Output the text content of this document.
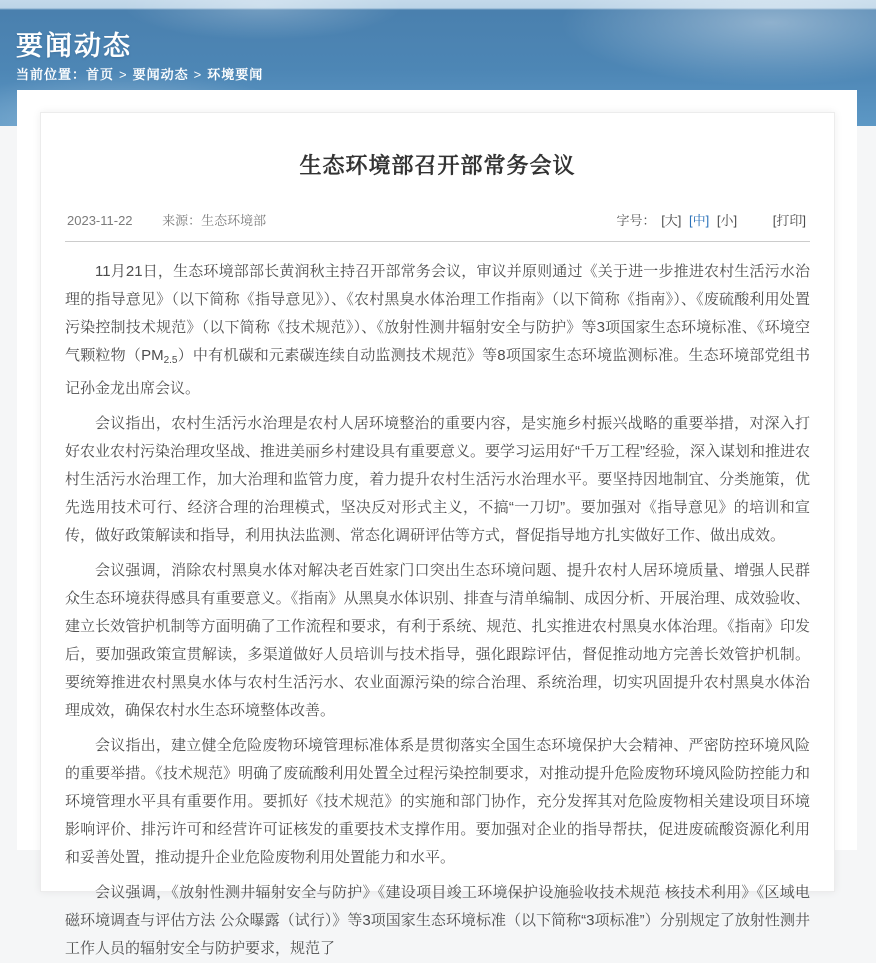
要闻动态
当前位置：首页 > 要闻动态 > 环境要闻
生态环境部召开部常务会议
2023-11-22 来源：生态环境部	字号： [大] [中] [小]	[打印]

11月21日，生态环境部部长黄润秋主持召开部常务会议，审议并原则通过《关于进一步推进农村生活污水治理的指导意见》（以下简称《指导意见》）、《农村黑臭水体治理工作指南》（以下简称《指南》）、《废硫酸利用处置污染控制技术规范》（以下简称《技术规范》）、《放射性测井辐射安全与防护》等3项国家生态环境标准、《环境空气颗粒物$(PM_{2.5})$中有机碳和元素碳连续自动监测技术规范》等8项国家生态环境监测标准。生态环境部党组书记孙金龙出席会议。

会议指出，农村生活污水治理是农村人居环境整治的重要内容，是实施乡村振兴战略的重要举措，对深入打好农业农村污染治理攻坚战、推进美丽乡村建设具有重要意义。要学习运用好“千万工程”经验，深入谋划和推进农村生活污水治理工作，加大治理和监管力度，着力提升农村生活污水治理水平。要坚持因地制宜、分类施策，优先选用技术可行、经济合理的治理模式，坚决反对形式主义，不搞“一刀切”。要加强对《指导意见》的培训和宣传，做好政策解读和指导，利用执法监测、常态化调研评估等方式，督促指导地方扎实做好工作、做出成效。

会议强调，消除农村黑臭水体对解决老百姓家门口突出生态环境问题、提升农村人居环境质量、增强人民群众生态环境获得感具有重要意义。《指南》从黑臭水体识别、排查与清单编制、成因分析、开展治理、成效验收、建立长效管护机制等方面明确了工作流程和要求，有利于系统、规范、扎实推进农村黑臭水体治理。《指南》印发后，要加强政策宣贯解读，多渠道做好人员培训与技术指导，强化跟踪评估，督促推动地方完善长效管护机制。要统筹推进农村黑臭水体与农村生活污水、农业面源污染的综合治理、系统治理，切实巩固提升农村黑臭水体治理成效，确保农村水生态环境整体改善。

会议指出，建立健全危险废物环境管理标准体系是贯彻落实全国生态环境保护大会精神、严密防控环境风险的重要举措。《技术规范》明确了废硫酸利用处置全过程污染控制要求，对推动提升危险废物环境风险防控能力和环境管理水平具有重要作用。要抓好《技术规范》的实施和部门协作，充分发挥其对危险废物相关建设项目环境影响评价、排污许可和经营许可证核发的重要技术支撑作用。要加强对企业的指导帮扶，促进废硫酸资源化利用和妥善处置，推动提升企业危险废物利用处置能力和水平。

会议强调，《放射性测井辐射安全与防护》《建设项目竣工环境保护设施验收技术规范 核技术利用》《区域电磁环境调查与评估方法 公众曝露（试行）》等3项国家生态环境标准（以下简称“3项标准”）分别规定了放射性测井工作人员的辐射安全与防护要求，规范了
